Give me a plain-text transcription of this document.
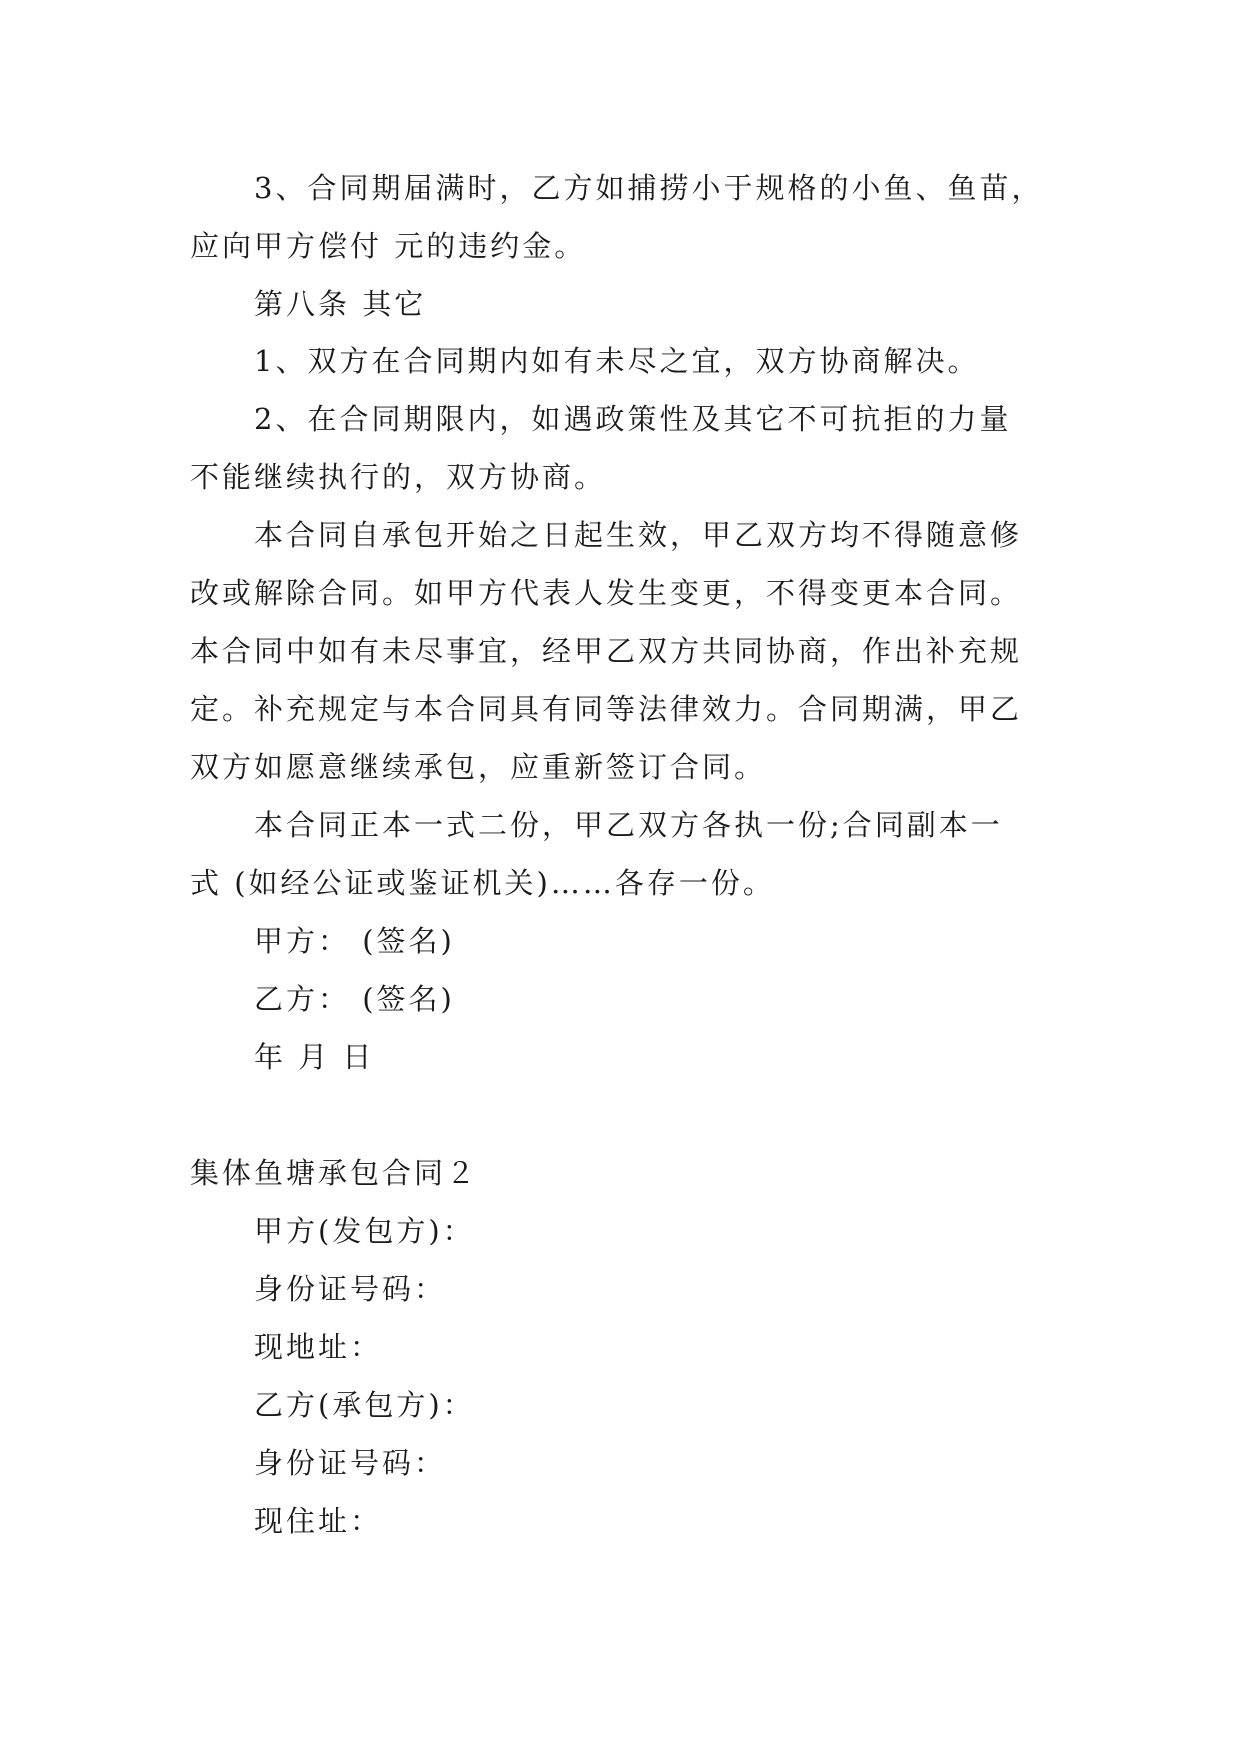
3、合同期届满时，乙方如捕捞小于规格的小鱼、鱼苗，

应向甲方偿付 元的违约金。

第八条 其它

1、双方在合同期内如有未尽之宜，双方协商解决。

2、在合同期限内，如遇政策性及其它不可抗拒的力量

不能继续执行的，双方协商。

本合同自承包开始之日起生效，甲乙双方均不得随意修

改或解除合同。如甲方代表人发生变更，不得变更本合同。

本合同中如有未尽事宜，经甲乙双方共同协商，作出补充规

定。补充规定与本合同具有同等法律效力。合同期满，甲乙

双方如愿意继续承包，应重新签订合同。

本合同正本一式二份，甲乙双方各执一份;合同副本一

式 (如经公证或鉴证机关)……各存一份。

甲方： (签名)

乙方： (签名)

年 月 日

集体鱼塘承包合同２

甲方(发包方)：

身份证号码：

现地址：

乙方(承包方)：

身份证号码：

现住址：
